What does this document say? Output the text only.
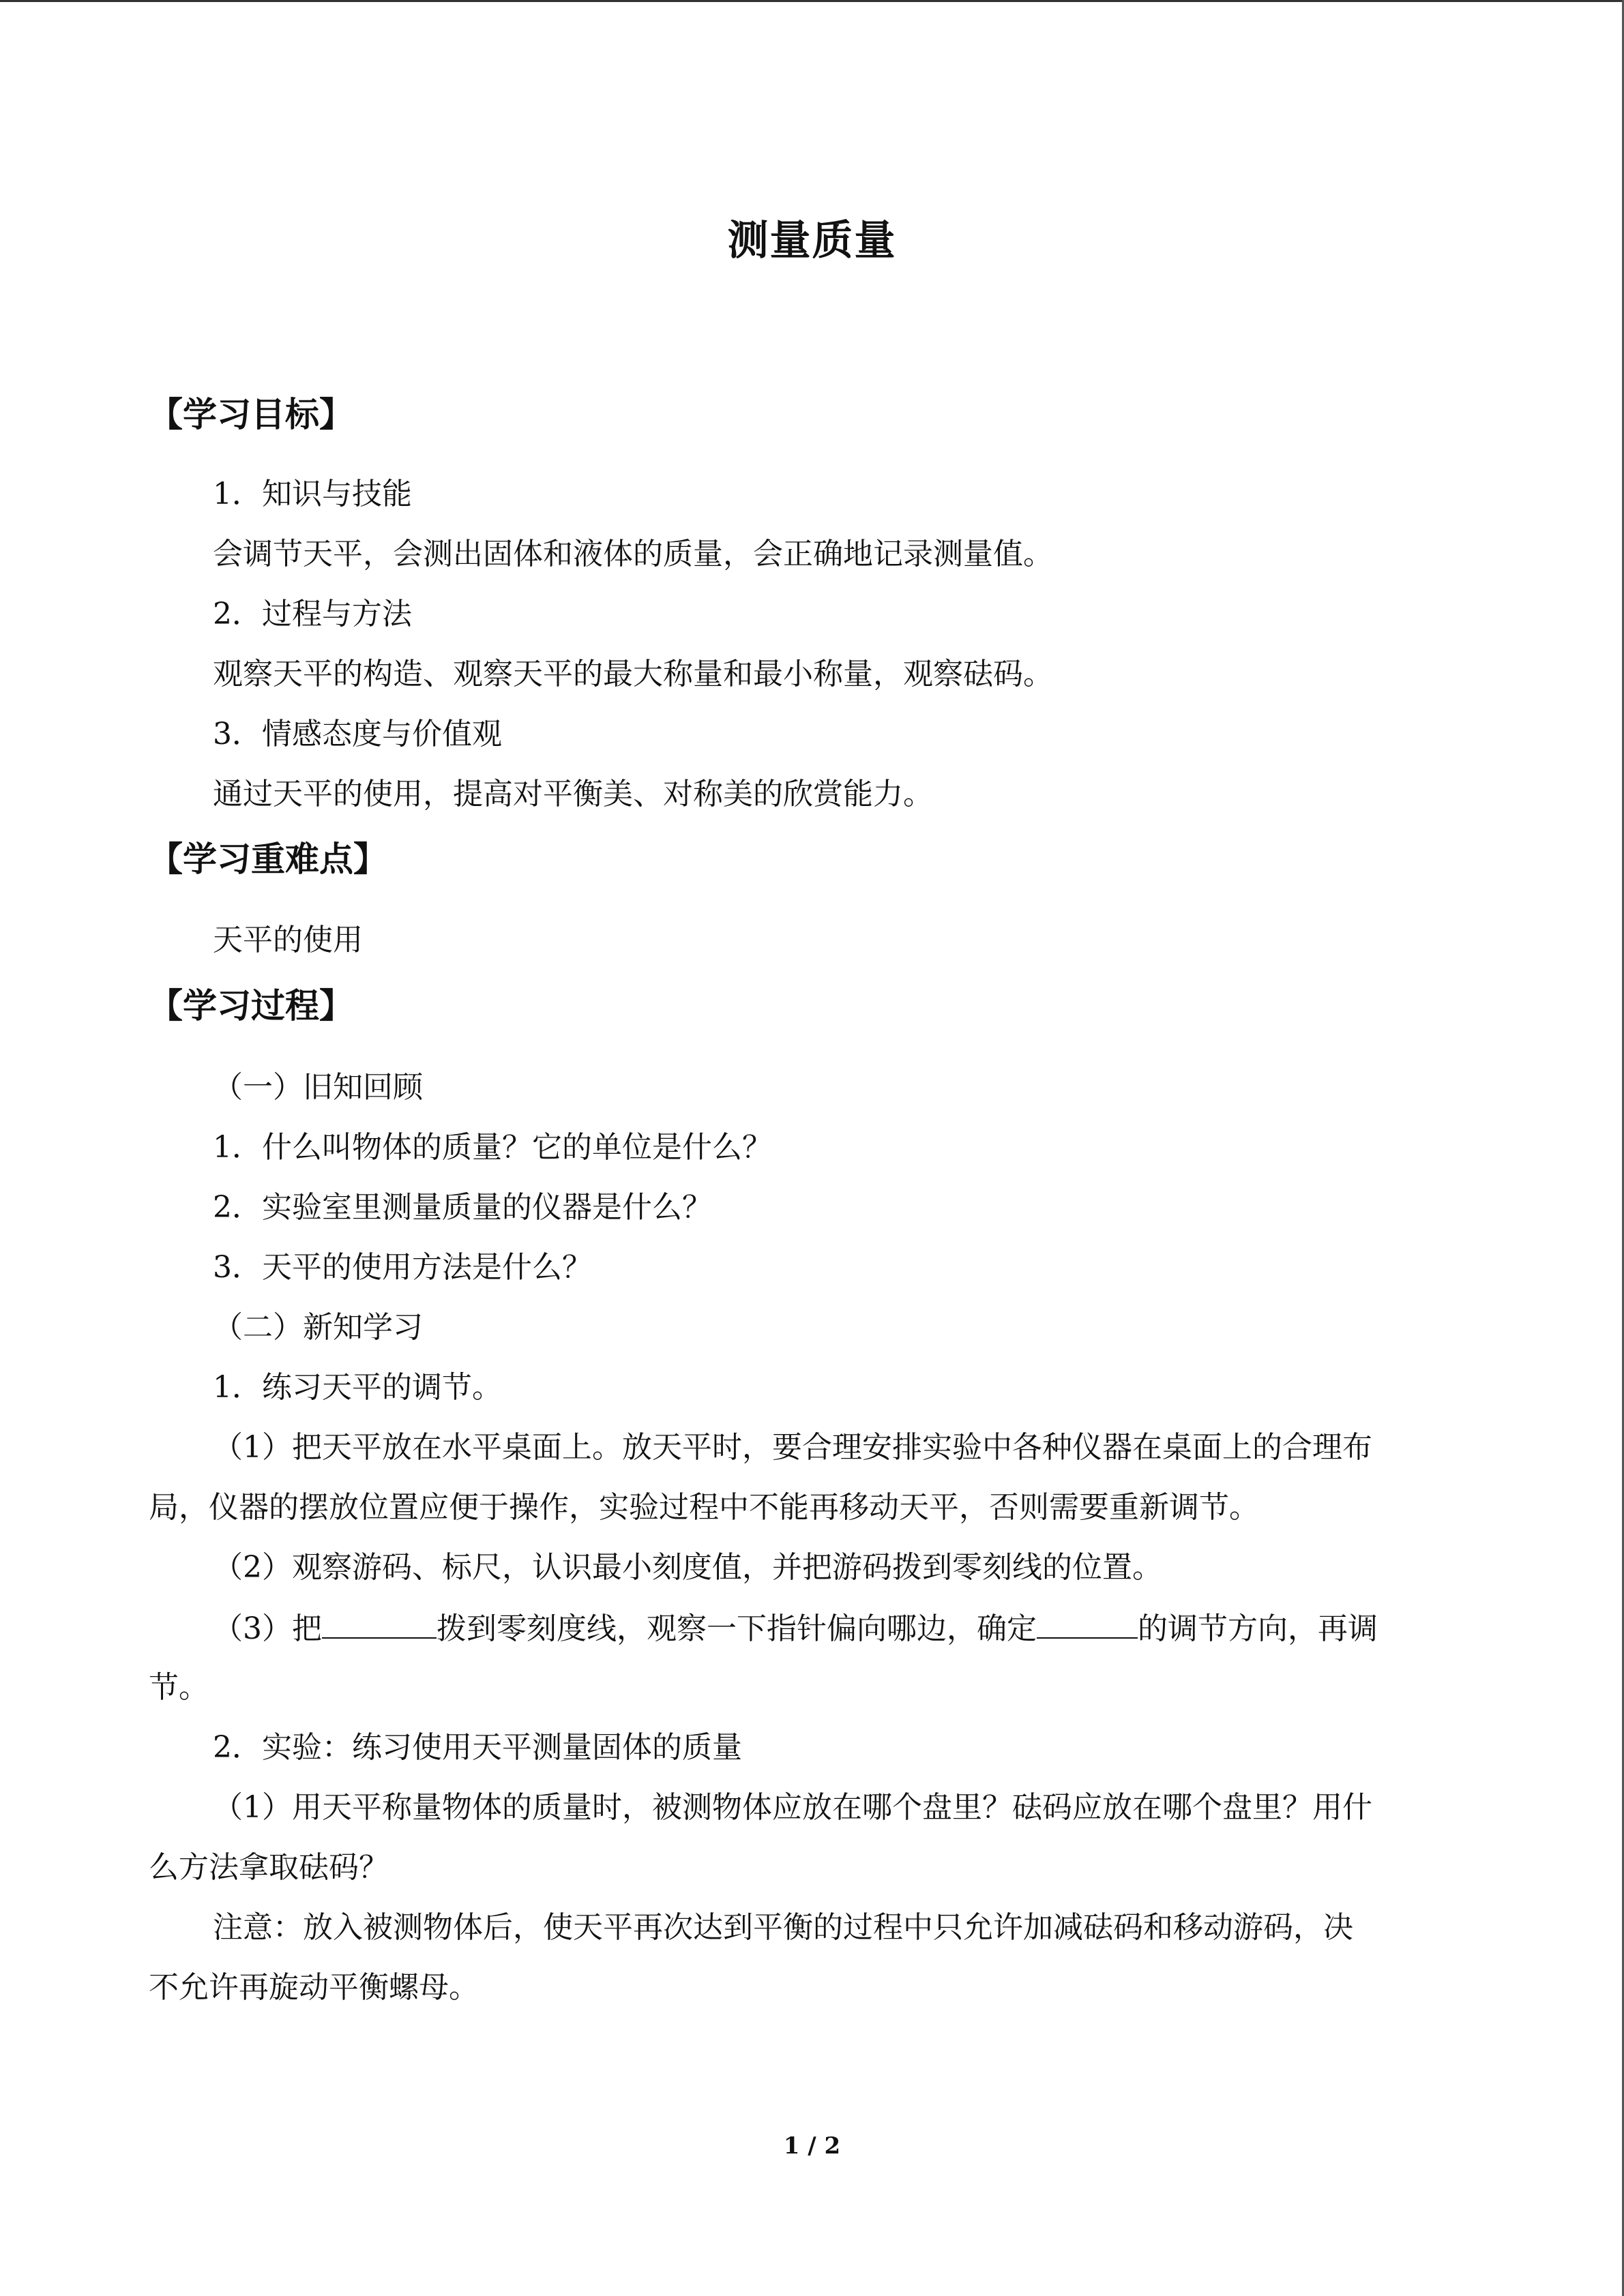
测量质量
【学习目标】
1．知识与技能
会调节天平，会测出固体和液体的质量，会正确地记录测量值。
2．过程与方法
观察天平的构造、观察天平的最大称量和最小称量，观察砝码。
3．情感态度与价值观
通过天平的使用，提高对平衡美、对称美的欣赏能力。
【学习重难点】
天平的使用
【学习过程】
（一）旧知回顾
1．什么叫物体的质量？它的单位是什么？
2．实验室里测量质量的仪器是什么？
3．天平的使用方法是什么？
（二）新知学习
1．练习天平的调节。
（1）把天平放在水平桌面上。放天平时，要合理安排实验中各种仪器在桌面上的合理布
局，仪器的摆放位置应便于操作，实验过程中不能再移动天平，否则需要重新调节。
（2）观察游码、标尺，认识最小刻度值，并把游码拨到零刻线的位置。
（3）把	拨到零刻度线，观察一下指针偏向哪边，确定	的调节方向，再调
节。
2．实验：练习使用天平测量固体的质量
（1）用天平称量物体的质量时，被测物体应放在哪个盘里？砝码应放在哪个盘里？用什
么方法拿取砝码？
注意：放入被测物体后，使天平再次达到平衡的过程中只允许加减砝码和移动游码，决
不允许再旋动平衡螺母。
1 / 2
